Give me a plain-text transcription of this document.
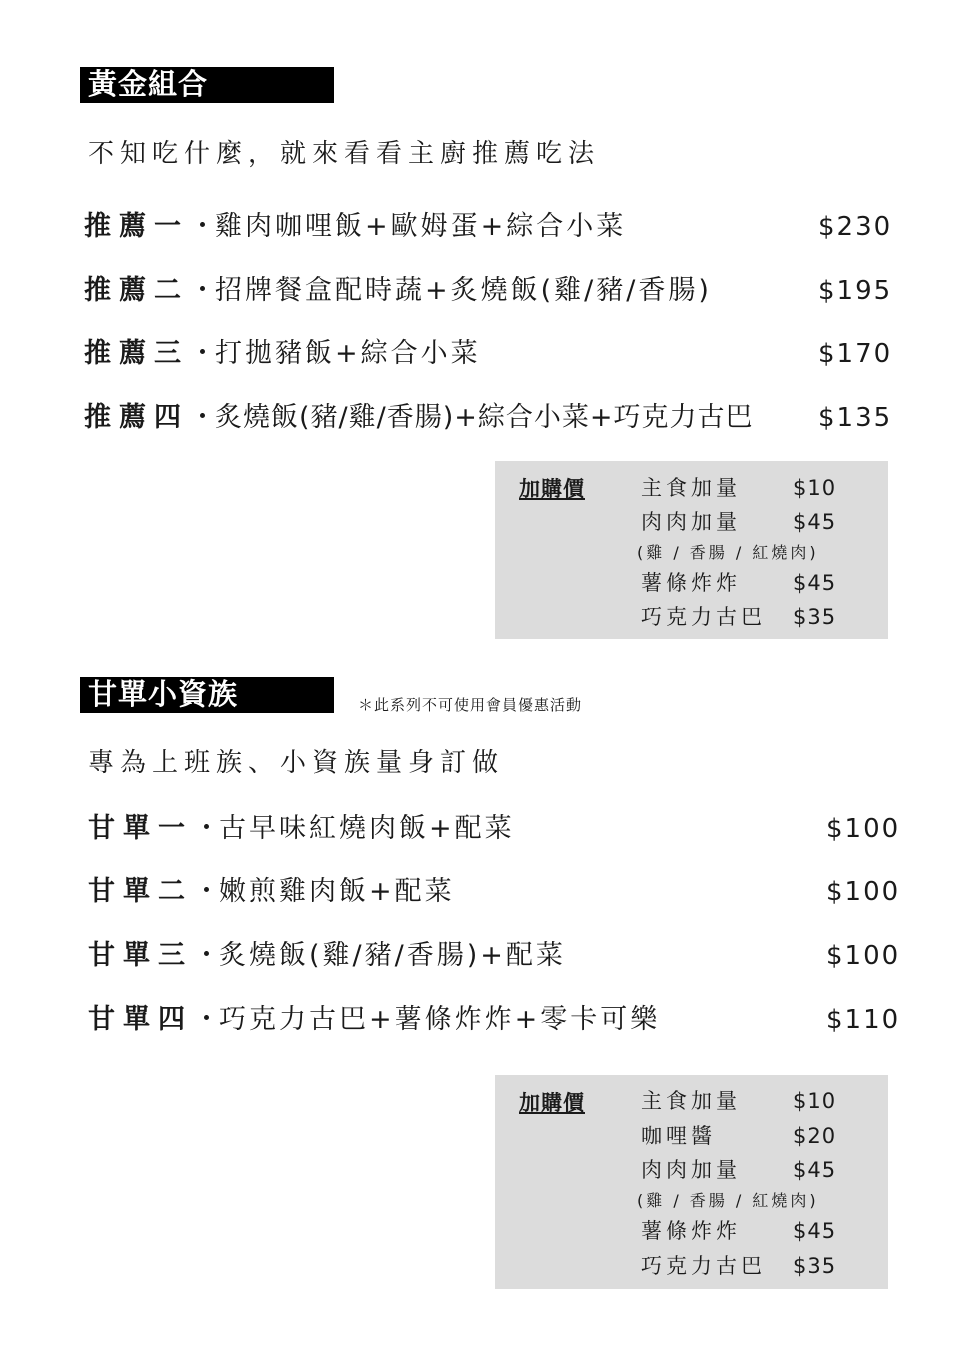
黃金組合
不知吃什麼，就來看看主廚推薦吃法
推薦一・雞肉咖哩飯+歐姆蛋+綜合小菜	$230
推薦二・招牌餐盒配時蔬+炙燒飯(雞/豬/香腸)	$195
推薦三・打拋豬飯+綜合小菜	$170
推薦四・炙燒飯(豬/雞/香腸)+綜合小菜+巧克力古巴 $135
加購價	主食加量 $10
肉肉加量 $45
(雞 / 香腸 / 紅燒肉)
薯條炸炸 $45
巧克力古巴 $35
甘單小資族	＊此系列不可使用會員優惠活動
專為上班族、小資族量身訂做
甘單一・古早味紅燒肉飯+配菜	$100
甘單二・嫩煎雞肉飯+配菜	$100
甘單三・炙燒飯(雞/豬/香腸)+配菜	$100
甘單四・巧克力古巴+薯條炸炸+零卡可樂	$110
加購價	主食加量 $10
咖哩醬	$20
肉肉加量 $45
(雞 / 香腸 / 紅燒肉)
薯條炸炸 $45
巧克力古巴 $35
